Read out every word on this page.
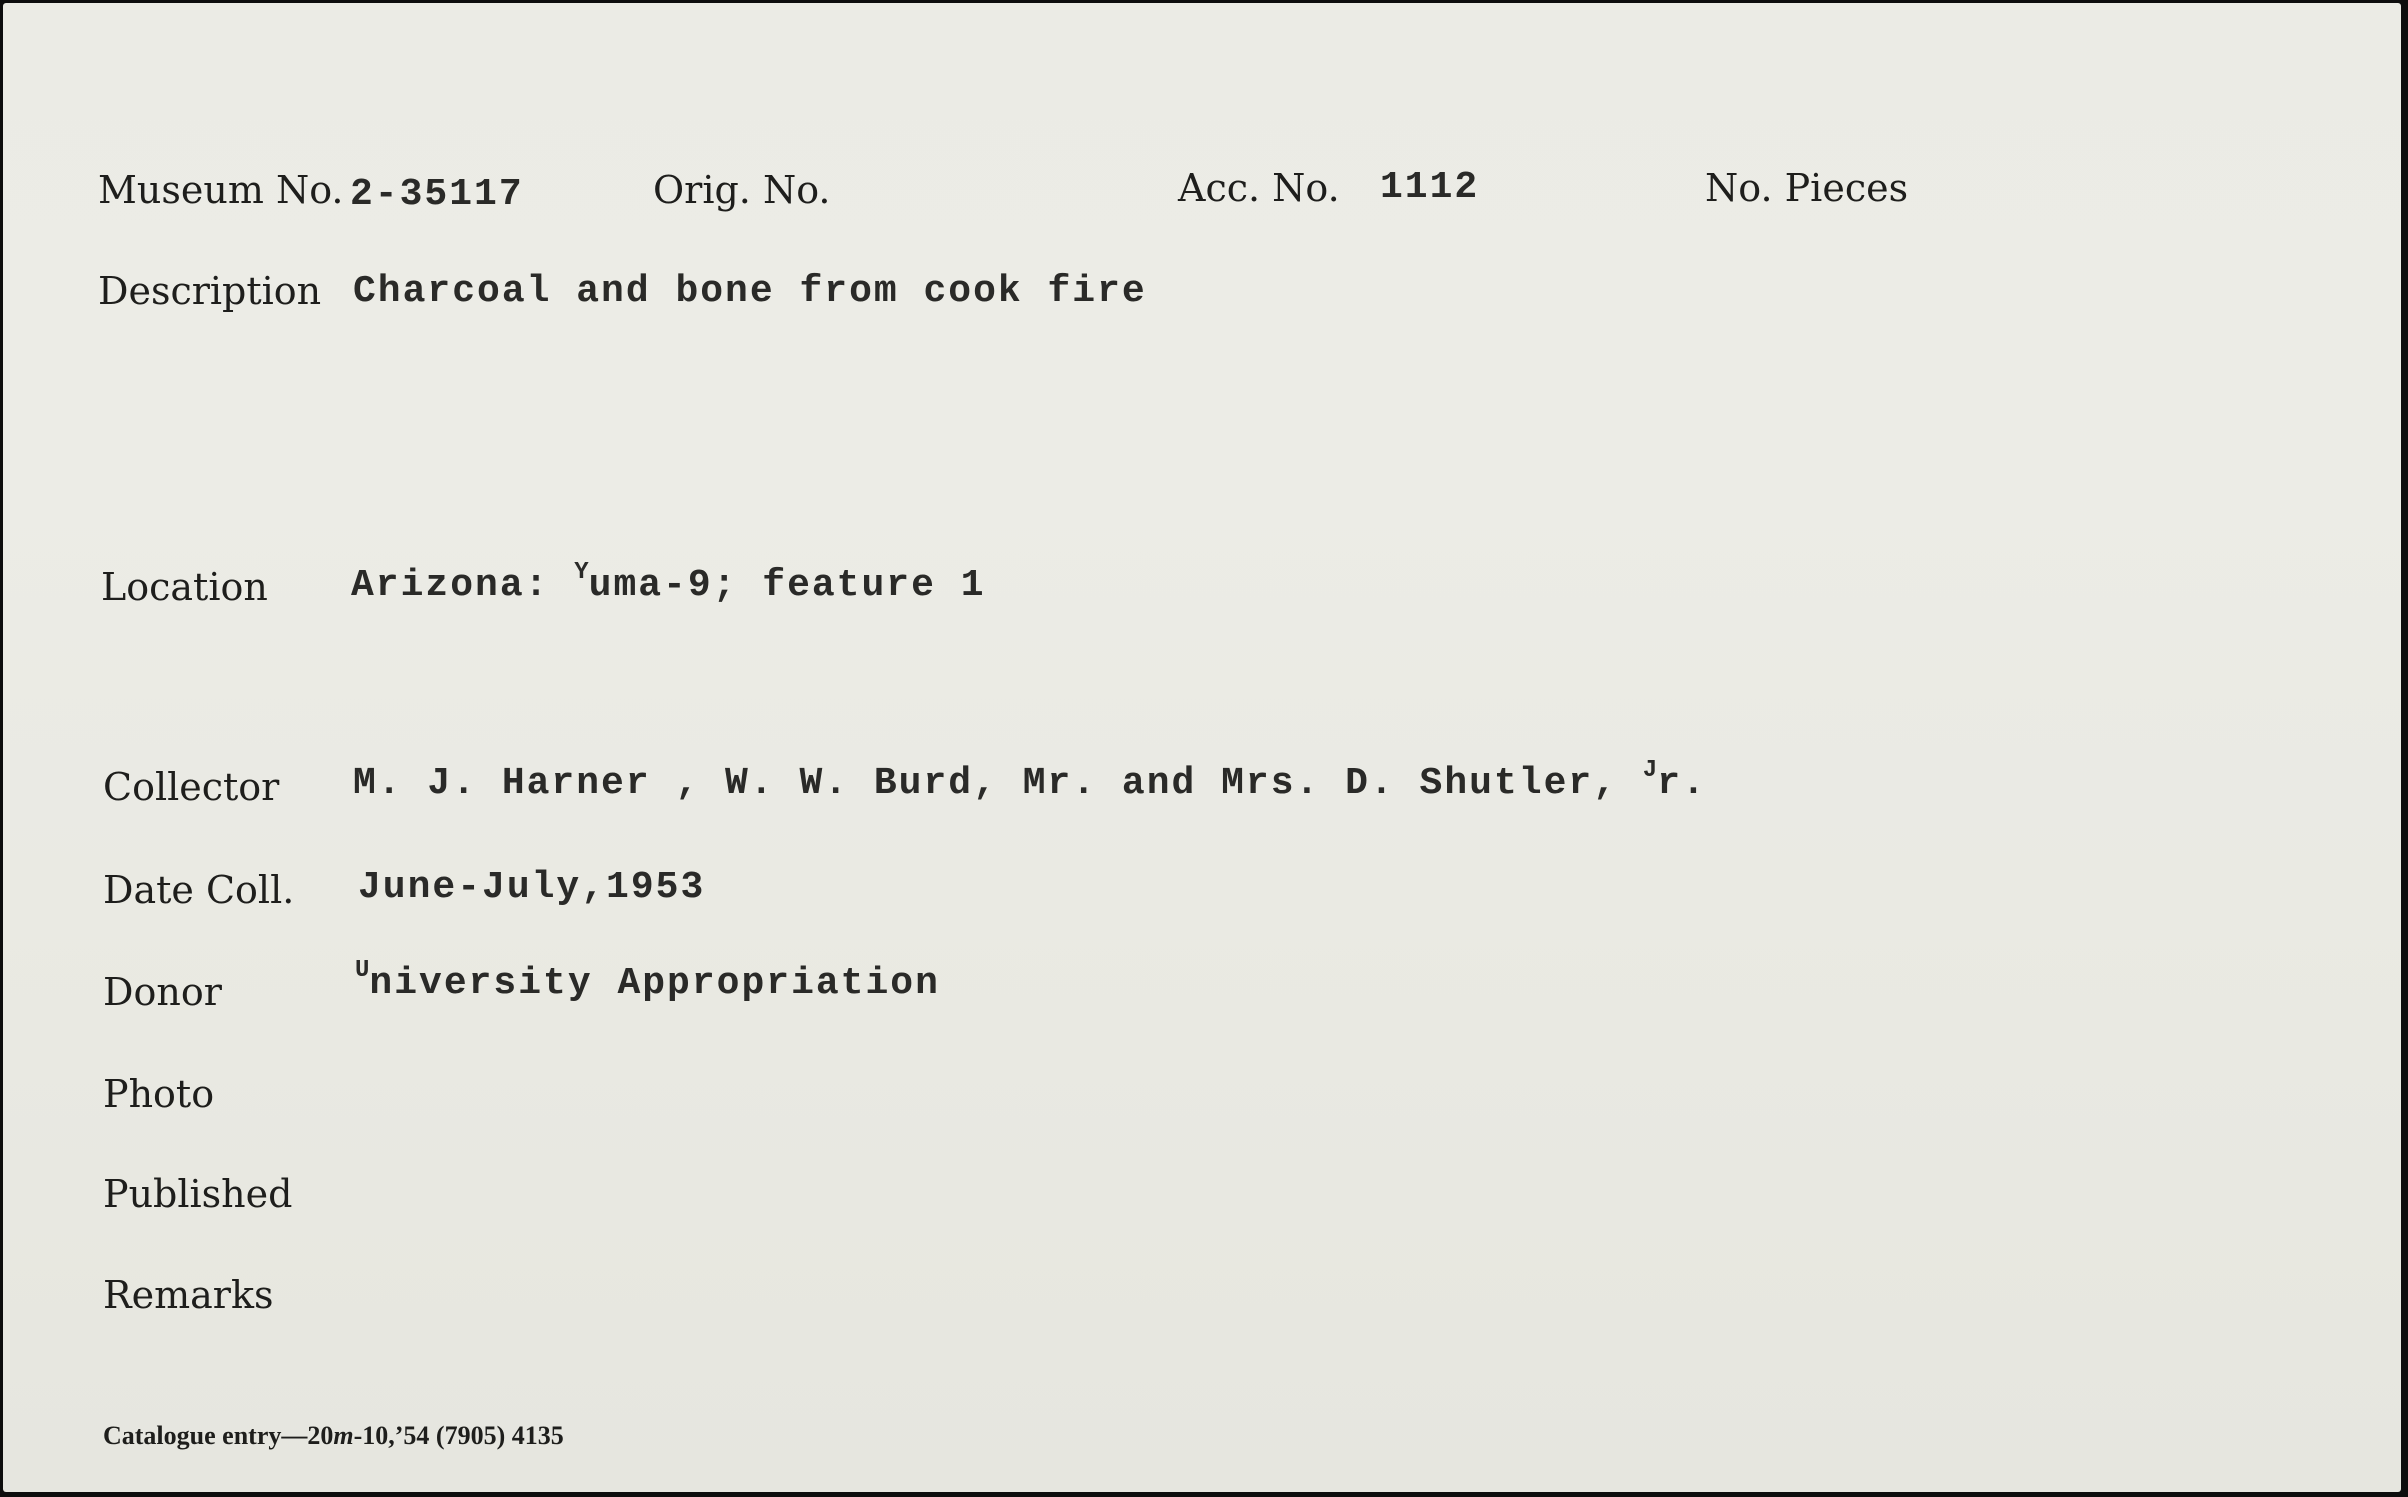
Museum No. 2-35117	Orig. No.	Acc. No. 1112	No. Pieces
Description Charcoal and bone from cook fire
Location Arizona: $^Y$uma-9; feature 1
Collector M. J. Harner , W. W. Burd, Mr. and Mrs. D. Shutler, $^J$r.
Date Coll. June-July,1953
Donor	$^U$niversity Appropriation
Photo
Published
Remarks
Catalogue entry—20m-10,’54 (7905) 4135
